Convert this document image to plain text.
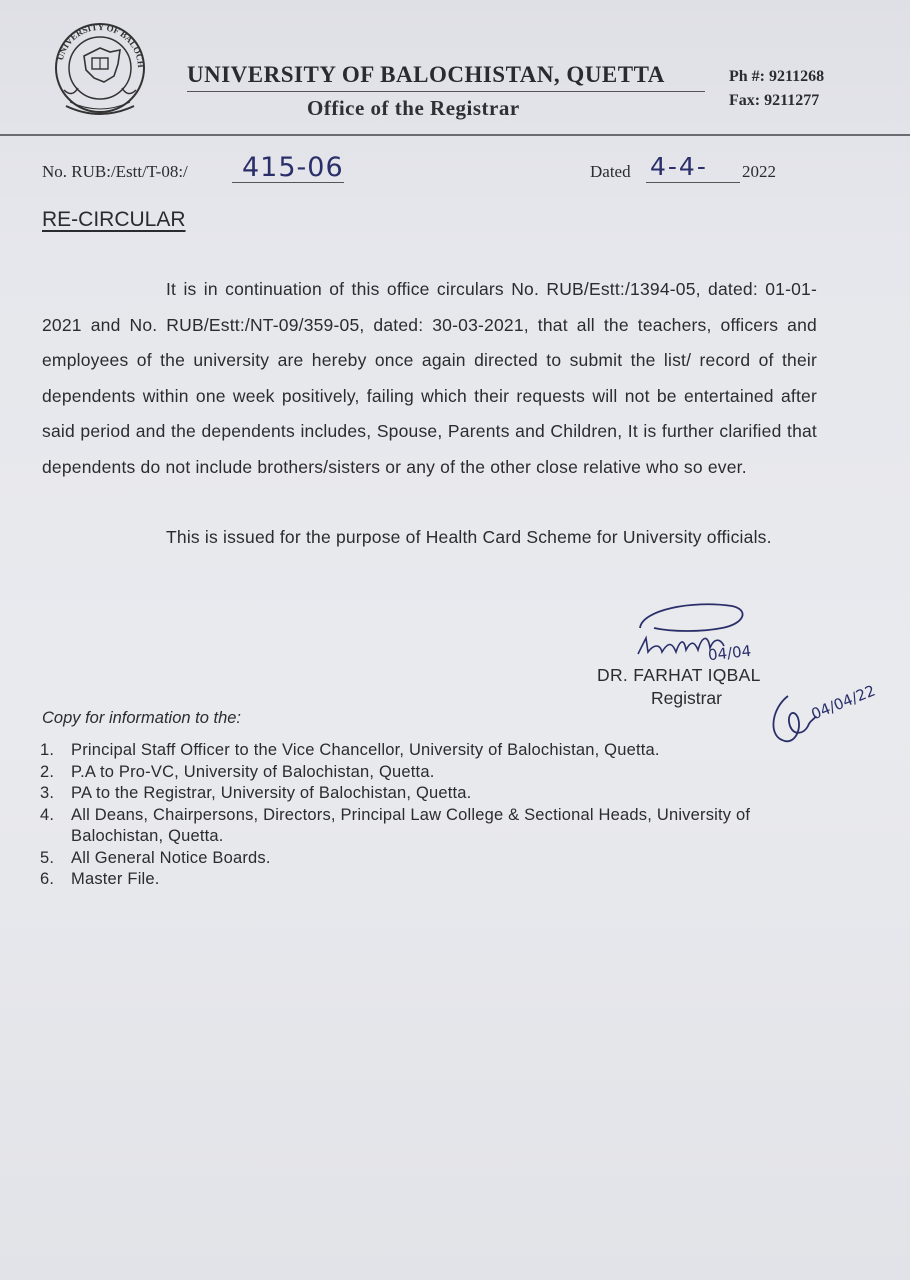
UNIVERSITY OF BALOCH UNIVERSITY OF BALOCHISTAN, QUETTA
Office of the Registrar
Ph #: 9211268
Fax: 9211277
No. RUB:/Estt/T-08:/ 415-06	Dated 4-4- 2022
RE-CIRCULAR
It is in continuation of this office circulars No. RUB/Estt:/1394-05, dated: 01-01-2021 and No. RUB/Estt:/NT-09/359-05, dated: 30-03-2021, that all the teachers, officers and employees of the university are hereby once again directed to submit the list/ record of their dependents within one week positively, failing which their requests will not be entertained after said period and the dependents includes, Spouse, Parents and Children, It is further clarified that dependents do not include brothers/sisters or any of the other close relative who so ever.
This is issued for the purpose of Health Card Scheme for University officials.
04/04
DR. FARHAT IQBAL
Registrar	04/04/22
Copy for information to the:
1.	Principal Staff Officer to the Vice Chancellor, University of Balochistan, Quetta.
2.	P.A to Pro-VC, University of Balochistan, Quetta.
3.	PA to the Registrar, University of Balochistan, Quetta.
4.	All Deans, Chairpersons, Directors, Principal Law College & Sectional Heads, University of Balochistan, Quetta.
5.	All General Notice Boards.
6.	Master File.
